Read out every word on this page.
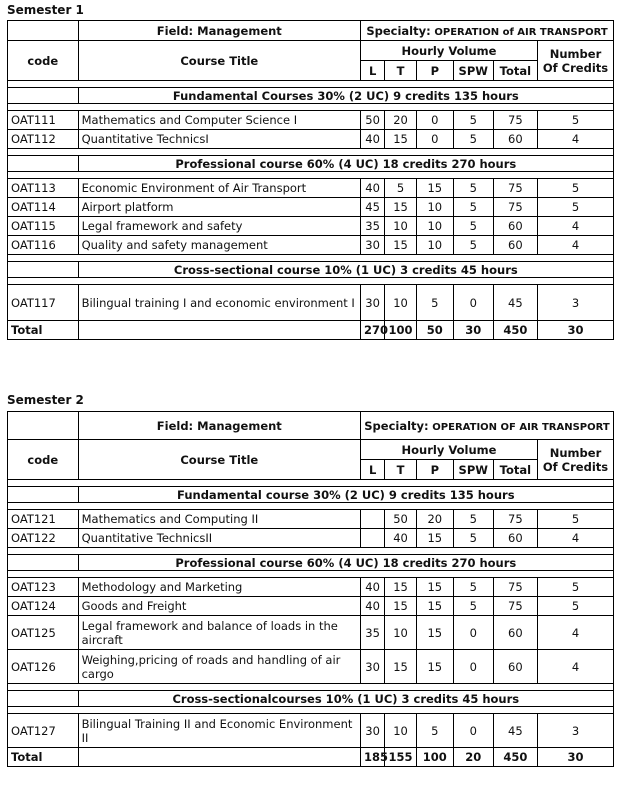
Semester 1
	Field: Management	Specialty: OPERATION of AIR TRANSPORT					
code	Course Title	Hourly Volume					Number
Of Credits

		L	T	P	SPW	Total	

	Fundamental Courses 30% (2 UC) 9 credits 135 hours						

OAT111	Mathematics and Computer Science I	50	20	0	5	75	5
OAT112	Quantitative TechnicsI	40	15	0	5	60	4

	Professional course 60% (4 UC) 18 credits 270 hours						

OAT113	Economic Environment of Air Transport	40	5	15	5	75	5
OAT114	Airport platform	45	15	10	5	75	5
OAT115	Legal framework and safety	35	10	10	5	60	4
OAT116	Quality and safety management	30	15	10	5	60	4

	Cross-sectional course 10% (1 UC) 3 credits 45 hours						

OAT117	Bilingual training I and economic environment I	30	10	5	0	45	3
Total		270	100	50	30	450	30
Semester 2
	Field: Management	Specialty: OPERATION OF AIR TRANSPORT					
code	Course Title	Hourly Volume					Number
Of Credits

		L	T	P	SPW	Total	

	Fundamental course 30% (2 UC) 9 credits 135 hours						

OAT121	Mathematics and Computing II		50	20	5	75	5
OAT122	Quantitative TechnicsII		40	15	5	60	4

	Professional course 60% (4 UC) 18 credits 270 hours						

OAT123	Methodology and Marketing	40	15	15	5	75	5
OAT124	Goods and Freight	40	15	15	5	75	5
OAT125	Legal framework and balance of loads in the aircraft	35	10	15	0	60	4
OAT126	Weighing,pricing of roads and handling of air cargo	30	15	15	0	60	4

	Cross-sectionalcourses 10% (1 UC) 3 credits 45 hours						

OAT127	Bilingual Training II and Economic Environment II	30	10	5	0	45	3
Total		185	155	100	20	450	30
